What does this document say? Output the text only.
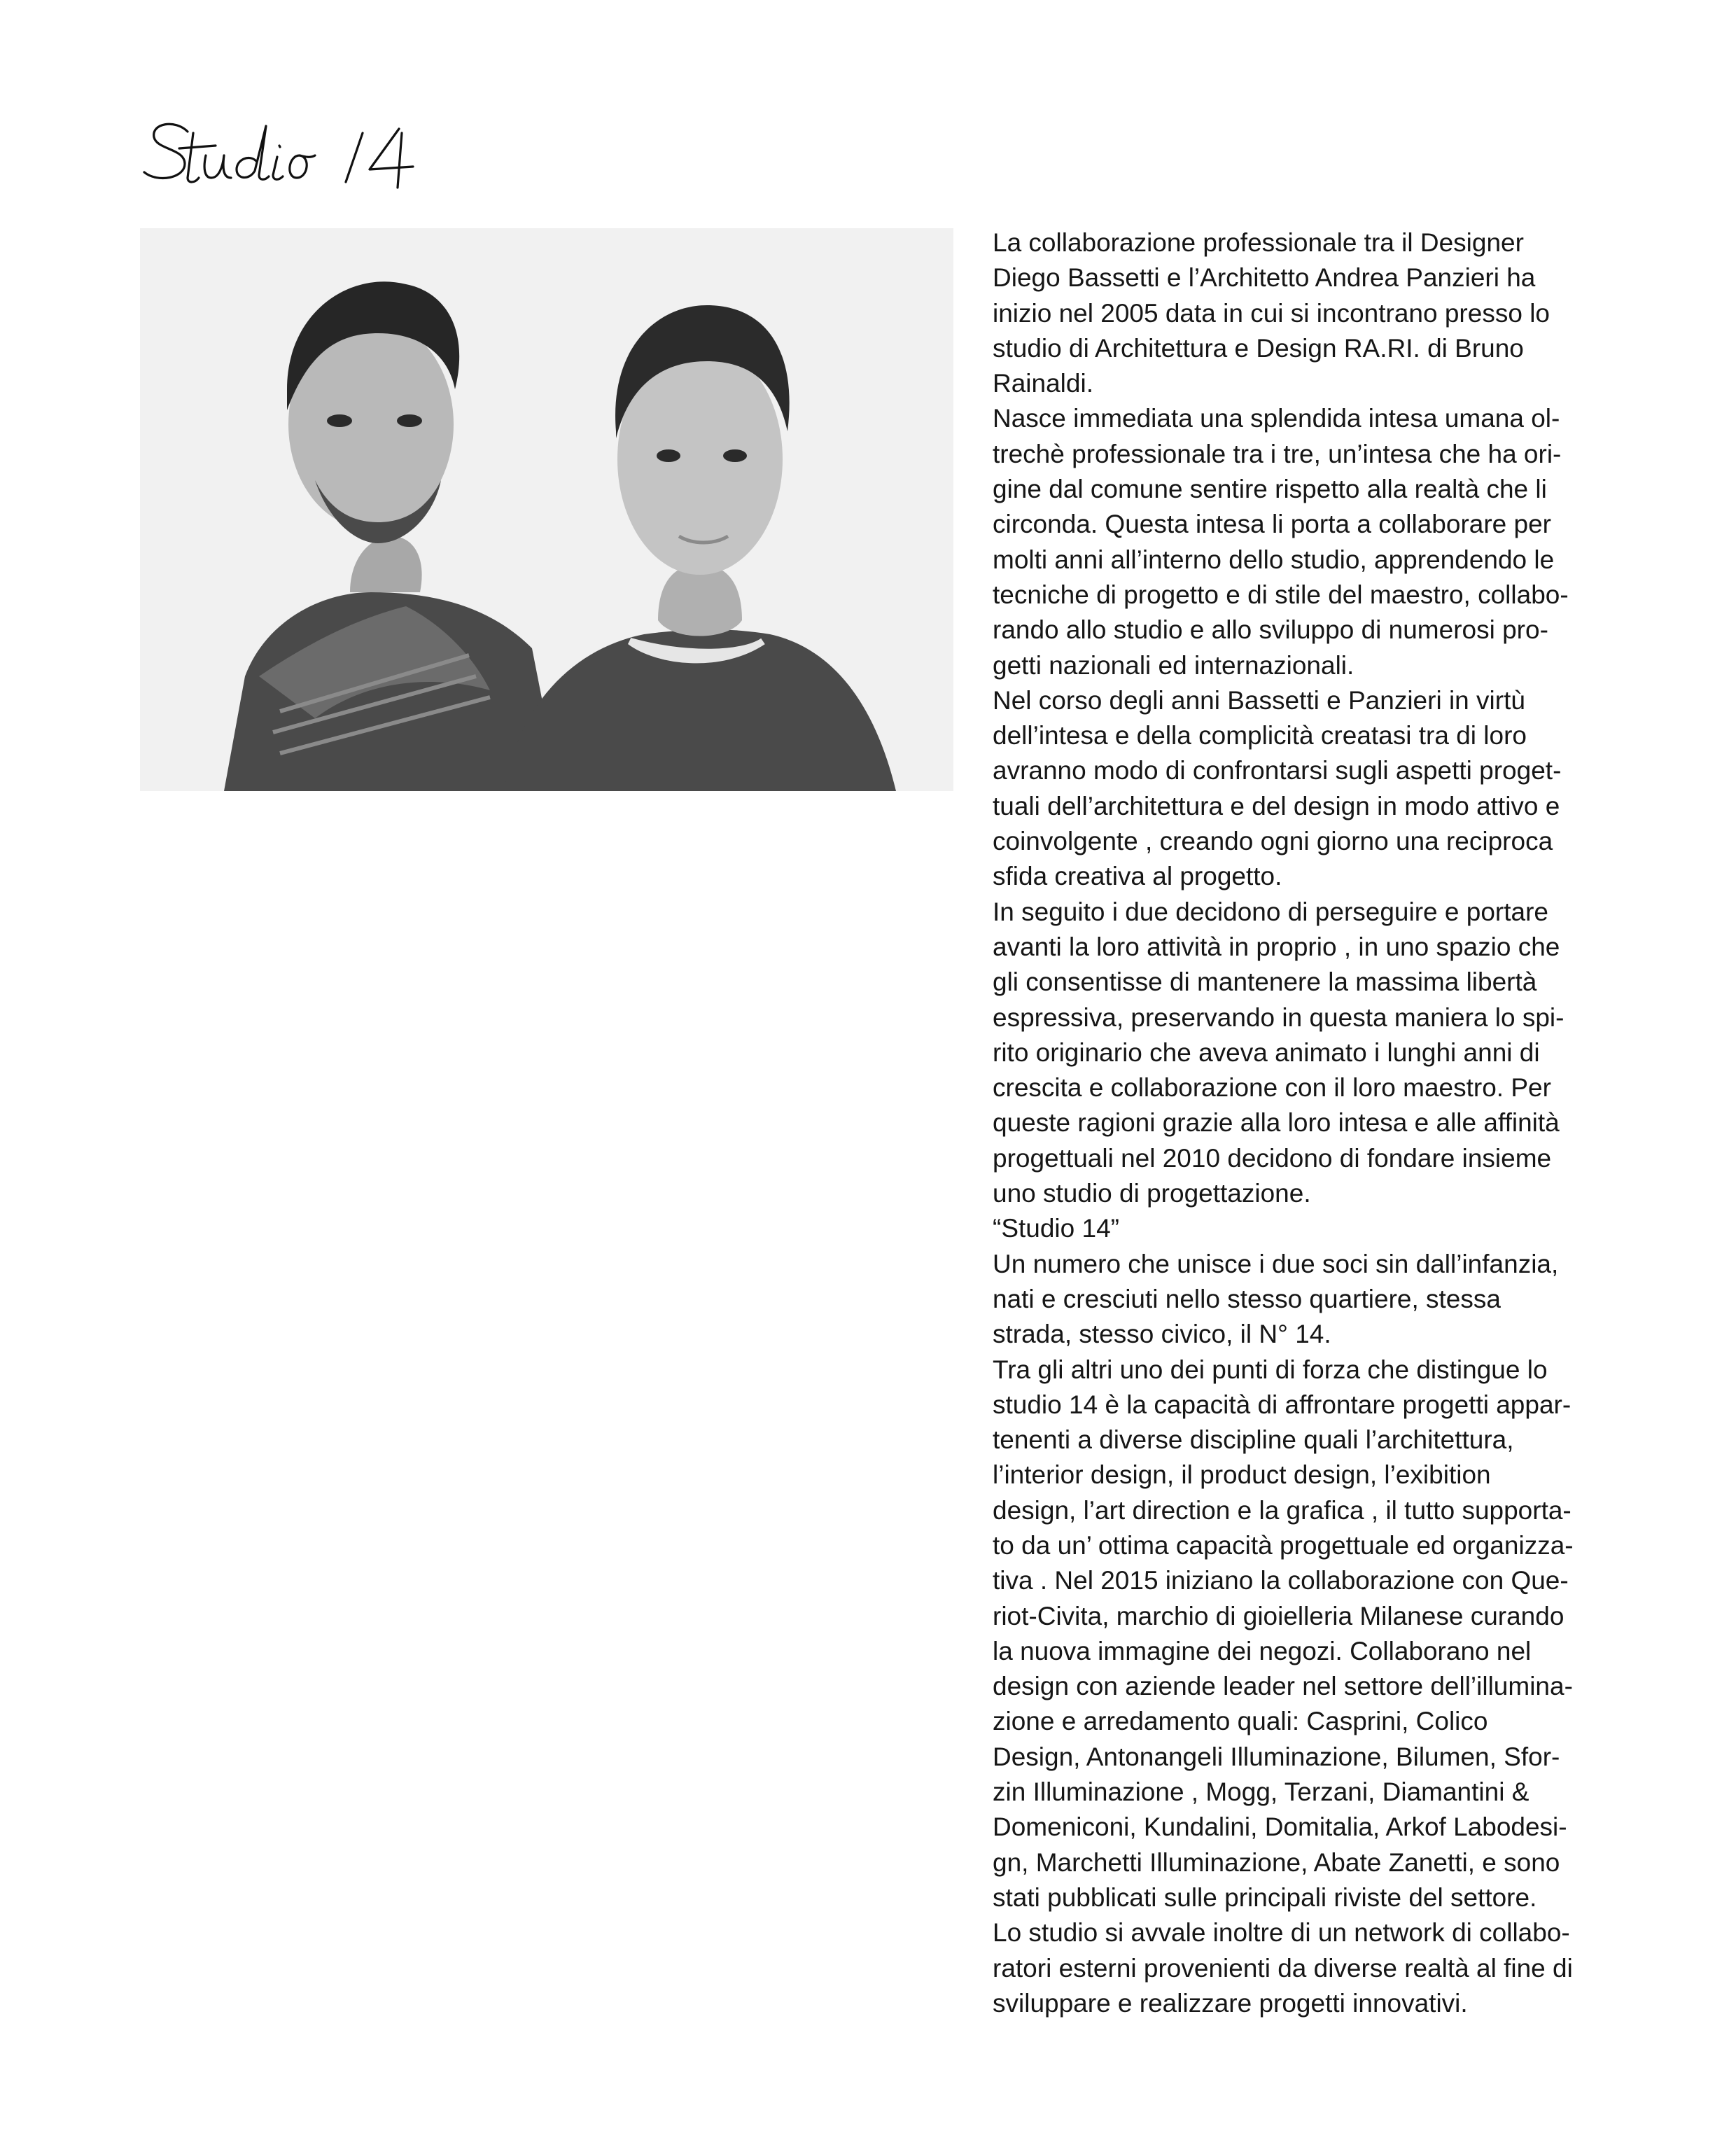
La collaborazione professionale tra il Designer
Diego Bassetti e l’Architetto Andrea Panzieri ha
inizio nel 2005 data in cui si incontrano presso lo
studio di Architettura e Design RA.RI. di Bruno
Rainaldi.
Nasce immediata una splendida intesa umana ol-
trechè professionale tra i tre, un’intesa che ha ori-
gine dal comune sentire rispetto alla realtà che li
circonda. Questa intesa li porta a collaborare per
molti anni all’interno dello studio, apprendendo le
tecniche di progetto e di stile del maestro, collabo-
rando allo studio e allo sviluppo di numerosi pro-
getti nazionali ed internazionali.
Nel corso degli anni Bassetti e Panzieri in virtù
dell’intesa e della complicità creatasi tra di loro
avranno modo di confrontarsi sugli aspetti proget-
tuali dell’architettura e del design in modo attivo e
coinvolgente , creando ogni giorno una reciproca
sfida creativa al progetto.
In seguito i due decidono di perseguire e portare
avanti la loro attività in proprio , in uno spazio che
gli consentisse di mantenere la massima libertà
espressiva, preservando in questa maniera lo spi-
rito originario che aveva animato i lunghi anni di
crescita e collaborazione con il loro maestro. Per
queste ragioni grazie alla loro intesa e alle affinità
progettuali nel 2010 decidono di fondare insieme
uno studio di progettazione.
“Studio 14”
Un numero che unisce i due soci sin dall’infanzia,
nati e cresciuti nello stesso quartiere, stessa
strada, stesso civico, il N° 14.
Tra gli altri uno dei punti di forza che distingue lo
studio 14 è la capacità di affrontare progetti appar-
tenenti a diverse discipline quali l’architettura,
l’interior design, il product design, l’exibition
design, l’art direction e la grafica , il tutto supporta-
to da un’ ottima capacità progettuale ed organizza-
tiva . Nel 2015 iniziano la collaborazione con Que-
riot-Civita, marchio di gioielleria Milanese curando
la nuova immagine dei negozi. Collaborano nel
design con aziende leader nel settore dell’illumina-
zione e arredamento quali: Casprini, Colico
Design, Antonangeli Illuminazione, Bilumen, Sfor-
zin Illuminazione , Mogg, Terzani, Diamantini &
Domeniconi, Kundalini, Domitalia, Arkof Labodesi-
gn, Marchetti Illuminazione, Abate Zanetti, e sono
stati pubblicati sulle principali riviste del settore.
Lo studio si avvale inoltre di un network di collabo-
ratori esterni provenienti da diverse realtà al fine di
sviluppare e realizzare progetti innovativi.
